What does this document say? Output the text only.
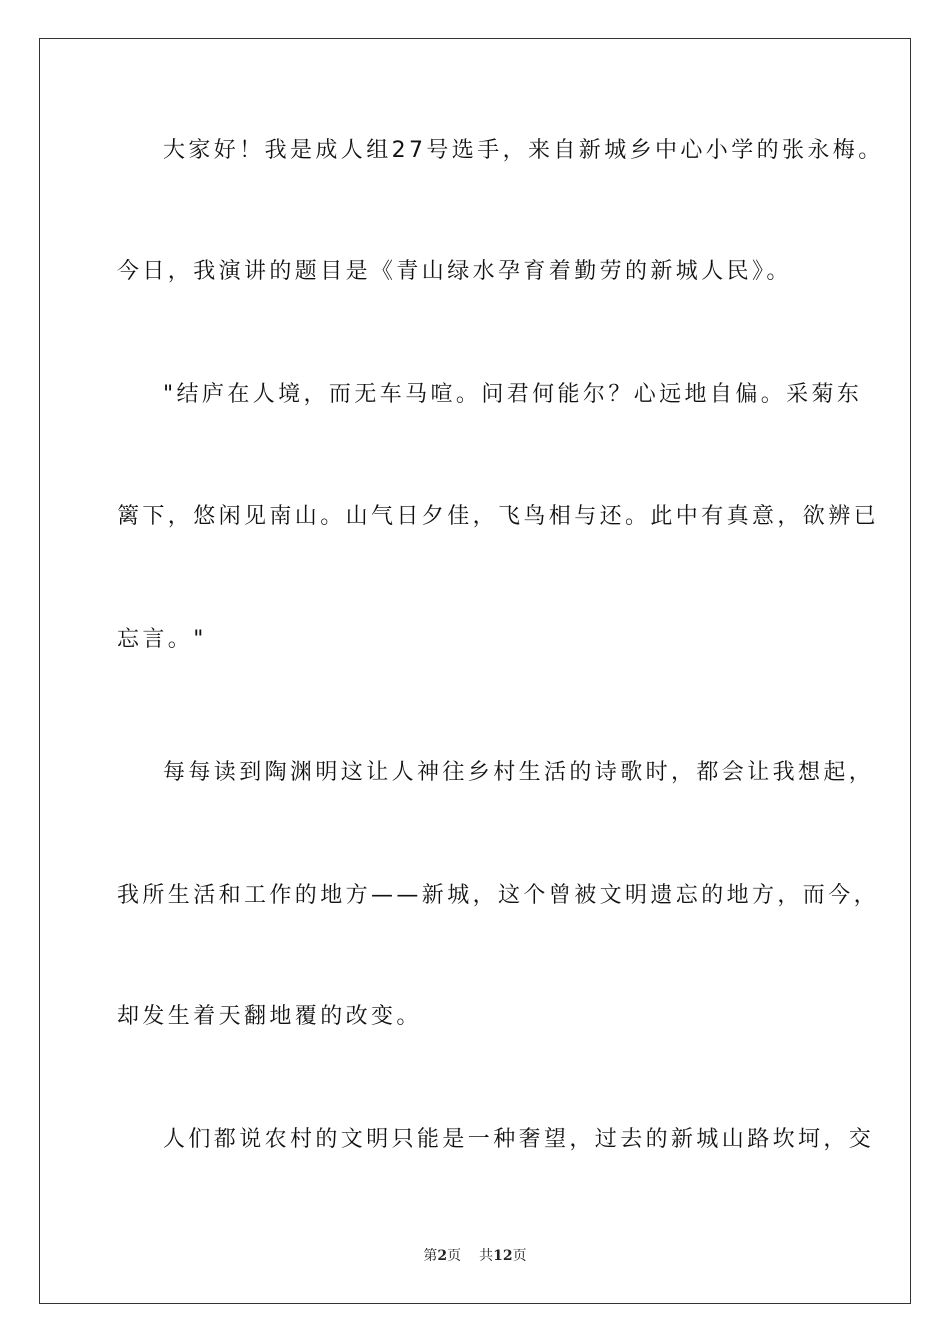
大家好！我是成人组27号选手，来自新城乡中心小学的张永梅。
今日，我演讲的题目是《青山绿水孕育着勤劳的新城人民》。
"结庐在人境，而无车马喧。问君何能尔？心远地自偏。采菊东
篱下，悠闲见南山。山气日夕佳，飞鸟相与还。此中有真意，欲辨已
忘言。"
每每读到陶渊明这让人神往乡村生活的诗歌时，都会让我想起，
我所生活和工作的地方——新城，这个曾被文明遗忘的地方，而今，
却发生着天翻地覆的改变。
人们都说农村的文明只能是一种奢望，过去的新城山路坎坷，交
第2页 共12页
